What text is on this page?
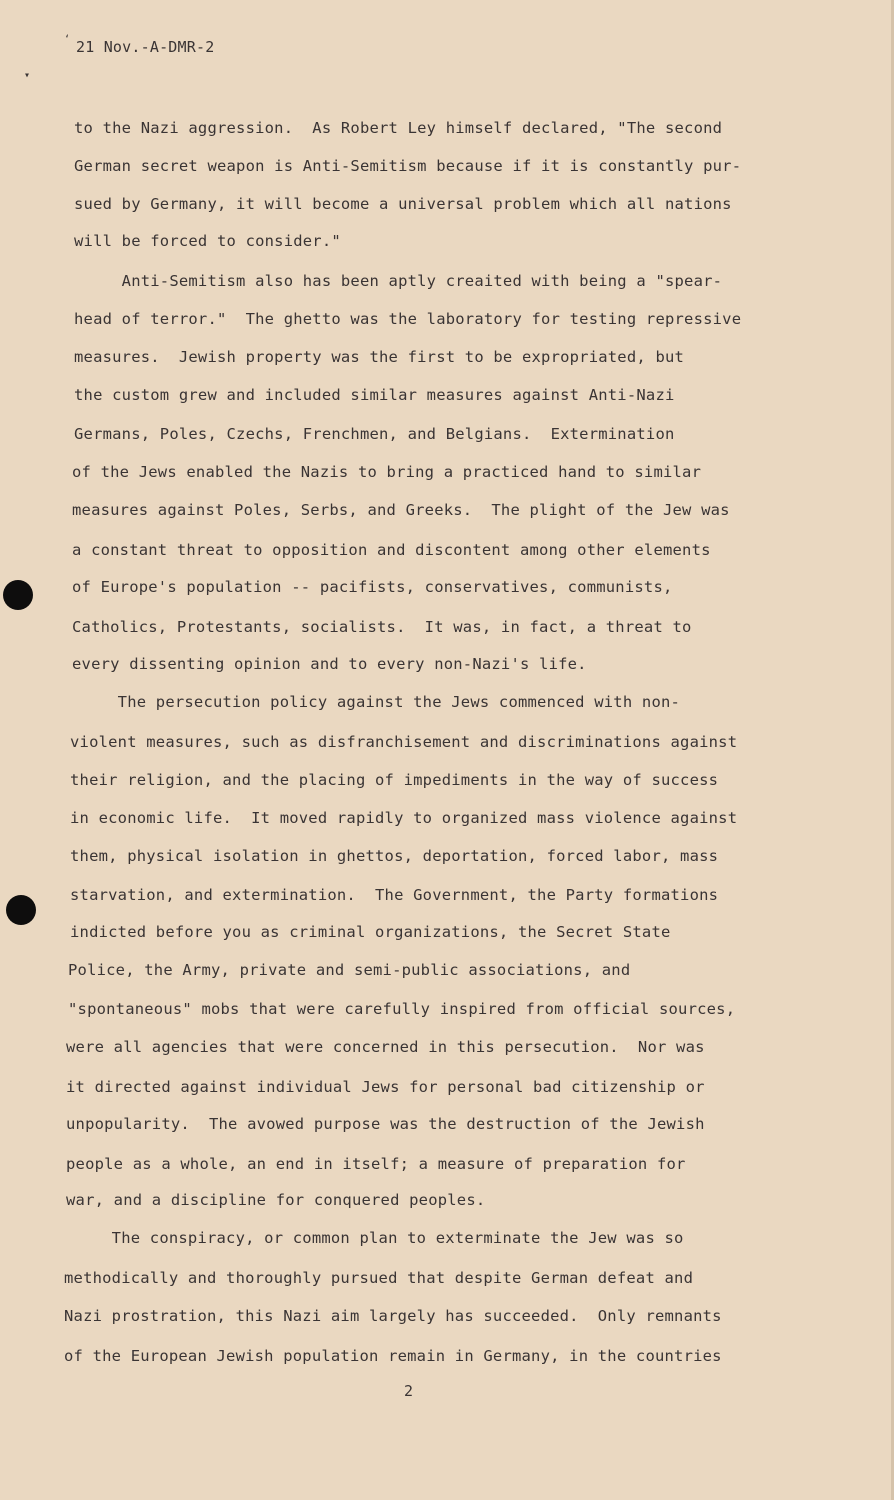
‘
▾
21 Nov.-A-DMR-2
to the Nazi aggression.  As Robert Ley himself declared, "The second
German secret weapon is Anti-Semitism because if it is constantly pur-
sued by Germany, it will become a universal problem which all nations
will be forced to consider."
Anti-Semitism also has been aptly creaited with being a "spear-
head of terror."  The ghetto was the laboratory for testing repressive
measures.  Jewish property was the first to be expropriated, but
the custom grew and included similar measures against Anti-Nazi
Germans, Poles, Czechs, Frenchmen, and Belgians.  Extermination
of the Jews enabled the Nazis to bring a practiced hand to similar
measures against Poles, Serbs, and Greeks.  The plight of the Jew was
a constant threat to opposition and discontent among other elements
of Europe's population -- pacifists, conservatives, communists,
Catholics, Protestants, socialists.  It was, in fact, a threat to
every dissenting opinion and to every non-Nazi's life.
The persecution policy against the Jews commenced with non-
violent measures, such as disfranchisement and discriminations against
their religion, and the placing of impediments in the way of success
in economic life.  It moved rapidly to organized mass violence against
them, physical isolation in ghettos, deportation, forced labor, mass
starvation, and extermination.  The Government, the Party formations
indicted before you as criminal organizations, the Secret State
Police, the Army, private and semi-public associations, and
"spontaneous" mobs that were carefully inspired from official sources,
were all agencies that were concerned in this persecution.  Nor was
it directed against individual Jews for personal bad citizenship or
unpopularity.  The avowed purpose was the destruction of the Jewish
people as a whole, an end in itself; a measure of preparation for
war, and a discipline for conquered peoples.
The conspiracy, or common plan to exterminate the Jew was so
methodically and thoroughly pursued that despite German defeat and
Nazi prostration, this Nazi aim largely has succeeded.  Only remnants
of the European Jewish population remain in Germany, in the countries
2
